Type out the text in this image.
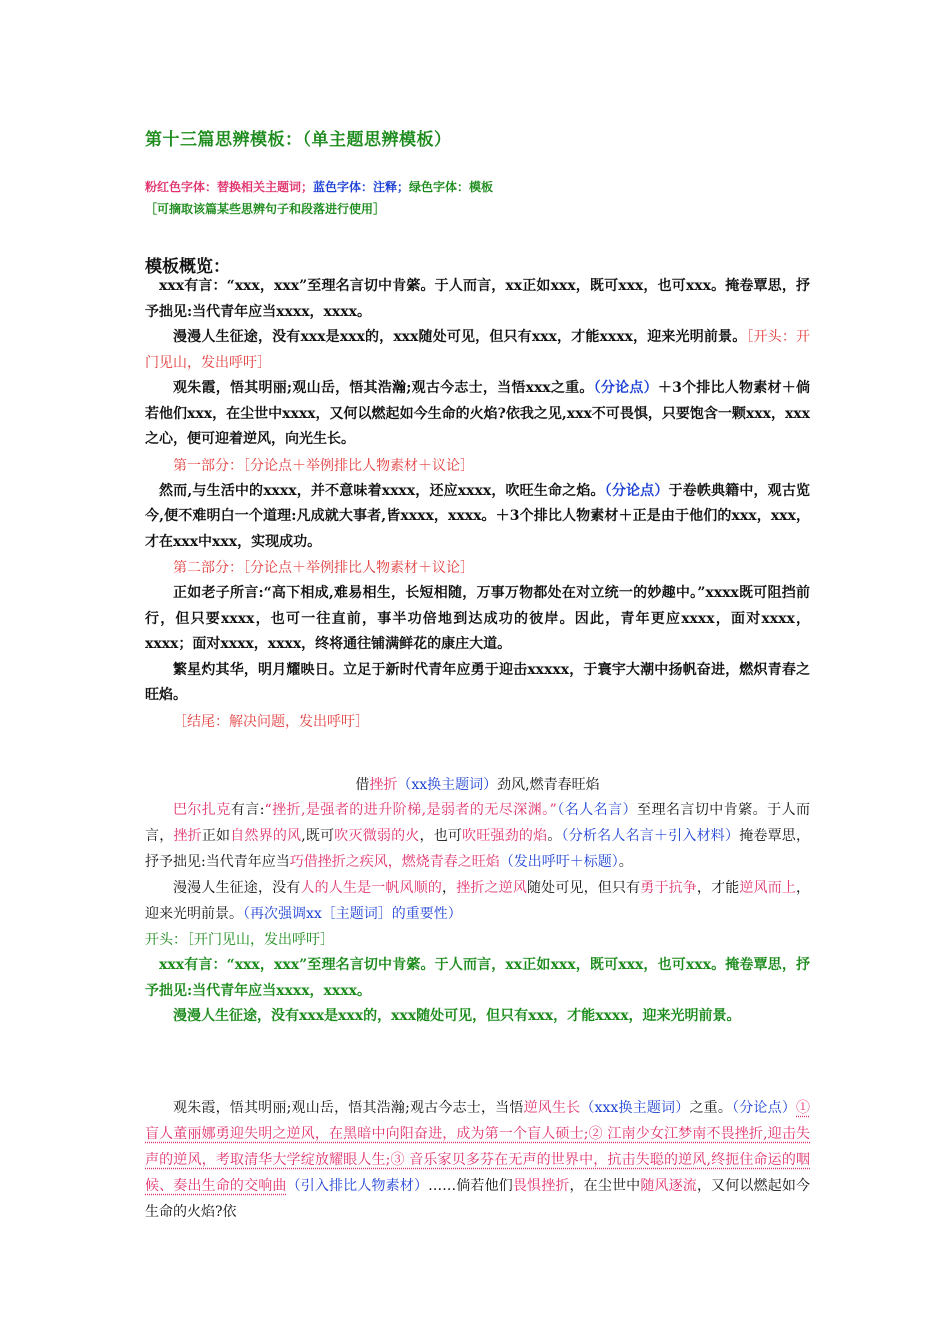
第十三篇思辨模板：（单主题思辨模板）
粉红色字体：替换相关主题词；蓝色字体：注释；绿色字体：模板
［可摘取该篇某些思辨句子和段落进行使用］
模板概览：

xxx有言：“xxx，xxx”至理名言切中肯綮。于人而言，xx正如xxx，既可xxx，也可xxx。掩卷覃思，抒予拙见:当代青年应当xxxx，xxxx。

漫漫人生征途，没有xxx是xxx的，xxx随处可见，但只有xxx，才能xxxx，迎来光明前景。［开头：开门见山，发出呼吁］

观朱霞，悟其明丽;观山岳，悟其浩瀚;观古今志士，当悟xxx之重。（分论点）＋3个排比人物素材＋倘若他们xxx，在尘世中xxxx，又何以燃起如今生命的火焰?依我之见,xxx不可畏惧，只要饱含一颗xxx，xxx之心，便可迎着逆风，向光生长。

第一部分：［分论点＋举例排比人物素材＋议论］

然而,与生活中的xxxx，并不意味着xxxx，还应xxxx，吹旺生命之焰。（分论点）于卷帙典籍中，观古览今,便不难明白一个道理:凡成就大事者,皆xxxx，xxxx。＋3个排比人物素材＋正是由于他们的xxx，xxx，才在xxx中xxx，实现成功。

第二部分：［分论点＋举例排比人物素材＋议论］

正如老子所言:“高下相成,难易相生，长短相随，万事万物都处在对立统一的妙趣中。”xxxx既可阻挡前行，但只要xxxx，也可一往直前，事半功倍地到达成功的彼岸。因此，青年更应xxxx，面对xxxx，xxxx；面对xxxx，xxxx，终将通往铺满鲜花的康庄大道。

繁星灼其华，明月耀映日。立足于新时代青年应勇于迎击xxxxx，于寰宇大潮中扬帆奋进，燃炽青春之旺焰。

［结尾：解决问题，发出呼吁］

借挫折（xx换主题词）劲风,燃青春旺焰

巴尔扎克有言:“挫折,是强者的进升阶梯,是弱者的无尽深渊。”（名人名言）至理名言切中肯綮。于人而言，挫折正如自然界的风,既可吹灭微弱的火，也可吹旺强劲的焰。（分析名人名言＋引入材料）掩卷覃思，抒予拙见:当代青年应当巧借挫折之疾风，燃烧青春之旺焰（发出呼吁＋标题）。

漫漫人生征途，没有人的人生是一帆风顺的，挫折之逆风随处可见，但只有勇于抗争，才能逆风而上，迎来光明前景。（再次强调xx［主题词］的重要性）

开头：［开门见山，发出呼吁］

xxx有言：“xxx，xxx”至理名言切中肯綮。于人而言，xx正如xxx，既可xxx，也可xxx。掩卷覃思，抒予拙见:当代青年应当xxxx，xxxx。

漫漫人生征途，没有xxx是xxx的，xxx随处可见，但只有xxx，才能xxxx，迎来光明前景。

观朱霞，悟其明丽;观山岳，悟其浩瀚;观古今志士，当悟逆风生长（xxx换主题词）之重。（分论点）①盲人董丽娜勇迎失明之逆风，在黑暗中向阳奋进，成为第一个盲人硕士;② 江南少女江梦南不畏挫折,迎击失声的逆风，考取清华大学绽放耀眼人生;③ 音乐家贝多芬在无声的世界中，抗击失聪的逆风,终扼住命运的咽候、奏出生命的交响曲（引入排比人物素材）……倘若他们畏惧挫折，在尘世中随风逐流，又何以燃起如今生命的火焰?依
